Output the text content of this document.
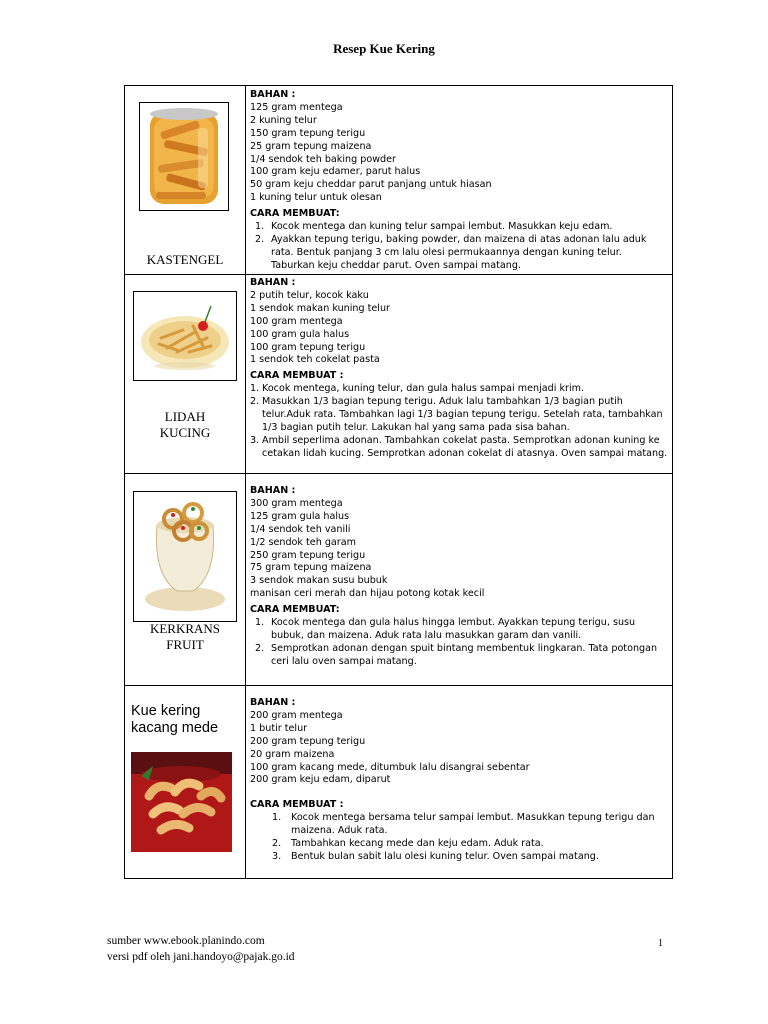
Resep Kue Kering
KASTENGEL
BAHAN :
125 gram mentega
2 kuning telur
150 gram tepung terigu
25 gram tepung maizena
1/4 sendok teh baking powder
100 gram keju edamer, parut halus
50 gram keju cheddar parut panjang untuk hiasan
1 kuning telur untuk olesan
CARA MEMBUAT:
1. Kocok mentega dan kuning telur sampai lembut. Masukkan keju edam.
2. Ayakkan tepung terigu, baking powder, dan maizena di atas adonan lalu aduk rata. Bentuk panjang 3 cm lalu olesi permukaannya dengan kuning telur. Taburkan keju cheddar parut. Oven sampai matang.
LIDAH KUCING
BAHAN :
2 putih telur, kocok kaku
1 sendok makan kuning telur
100 gram mentega
100 gram gula halus
100 gram tepung terigu
1 sendok teh cokelat pasta
CARA MEMBUAT :
1. Kocok mentega, kuning telur, dan gula halus sampai menjadi krim.
2. Masukkan 1/3 bagian tepung terigu. Aduk lalu tambahkan 1/3 bagian putih telur.Aduk rata. Tambahkan lagi 1/3 bagian tepung terigu. Setelah rata, tambahkan 1/3 bagian putih telur. Lakukan hal yang sama pada sisa bahan.
3. Ambil seperlima adonan. Tambahkan cokelat pasta. Semprotkan adonan kuning ke cetakan lidah kucing. Semprotkan adonan cokelat di atasnya. Oven sampai matang.
KERKRANS FRUIT
BAHAN :
300 gram mentega
125 gram gula halus
1/4 sendok teh vanili
1/2 sendok teh garam
250 gram tepung terigu
75 gram tepung maizena
3 sendok makan susu bubuk
manisan ceri merah dan hijau potong kotak kecil
CARA MEMBUAT:
1. Kocok mentega dan gula halus hingga lembut. Ayakkan tepung terigu, susu bubuk, dan maizena. Aduk rata lalu masukkan garam dan vanili.
2. Semprotkan adonan dengan spuit bintang membentuk lingkaran. Tata potongan ceri lalu oven sampai matang.
Kue kering kacang mede
BAHAN :
200 gram mentega
1 butir telur
200 gram tepung terigu
20 gram maizena
100 gram kacang mede, ditumbuk lalu disangrai sebentar
200 gram keju edam, diparut
CARA MEMBUAT :
1. Kocok mentega bersama telur sampai lembut. Masukkan tepung terigu dan maizena. Aduk rata.
2. Tambahkan kecang mede dan keju edam. Aduk rata.
3. Bentuk bulan sabit lalu olesi kuning telur. Oven sampai matang.
sumber www.ebook.planindo.com
versi pdf oleh jani.handoyo@pajak.go.id
1
